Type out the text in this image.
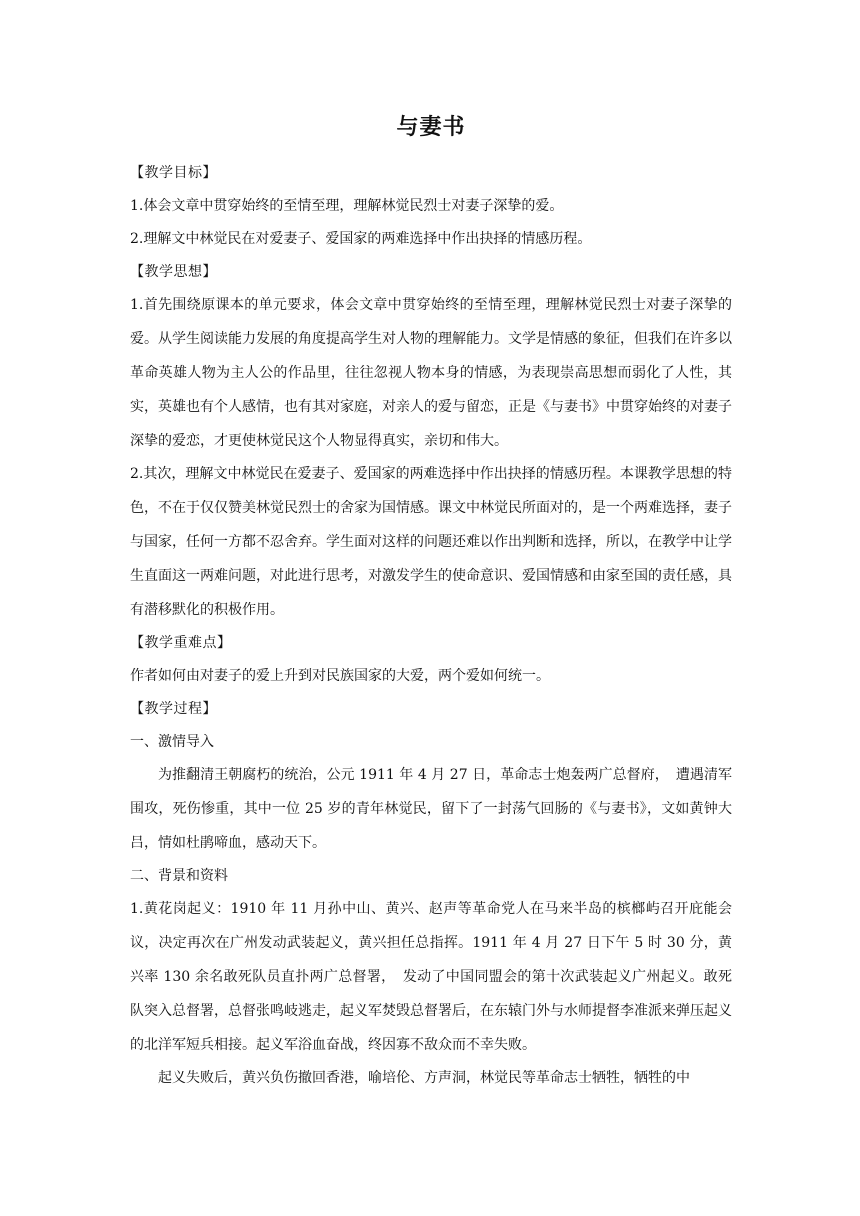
与妻书

【教学目标】

1.体会文章中贯穿始终的至情至理，理解林觉民烈士对妻子深挚的爱。

2.理解文中林觉民在对爱妻子、爱国家的两难选择中作出抉择的情感历程。

【教学思想】

1.首先围绕原课本的单元要求，体会文章中贯穿始终的至情至理，理解林觉民烈士对妻子深挚的爱。从学生阅读能力发展的角度提高学生对人物的理解能力。文学是情感的象征，但我们在许多以革命英雄人物为主人公的作品里，往往忽视人物本身的情感，为表现崇高思想而弱化了人性，其实，英雄也有个人感情，也有其对家庭，对亲人的爱与留恋，正是《与妻书》中贯穿始终的对妻子深挚的爱恋，才更使林觉民这个人物显得真实，亲切和伟大。

2.其次，理解文中林觉民在爱妻子、爱国家的两难选择中作出抉择的情感历程。本课教学思想的特色，不在于仅仅赞美林觉民烈士的舍家为国情感。课文中林觉民所面对的，是一个两难选择，妻子与国家，任何一方都不忍舍弃。学生面对这样的问题还难以作出判断和选择，所以，在教学中让学生直面这一两难问题，对此进行思考，对激发学生的使命意识、爱国情感和由家至国的责任感，具有潜移默化的积极作用。

【教学重难点】

作者如何由对妻子的爱上升到对民族国家的大爱，两个爱如何统一。

【教学过程】

一、激情导入

为推翻清王朝腐朽的统治，公元 1911 年 4 月 27 日，革命志士炮轰两广总督府，　遭遇清军围攻，死伤惨重，其中一位 25 岁的青年林觉民，留下了一封荡气回肠的《与妻书》，文如黄钟大吕，情如杜鹃啼血，感动天下。

二、背景和资料

1.黄花岗起义：1910 年 11 月孙中山、黄兴、赵声等革命党人在马来半岛的槟榔屿召开庇能会议，决定再次在广州发动武装起义，黄兴担任总指挥。1911 年 4 月 27 日下午 5 时 30 分，黄兴率 130 余名敢死队员直扑两广总督署，　发动了中国同盟会的第十次武装起义广州起义。敢死队突入总督署，总督张鸣岐逃走，起义军焚毁总督署后，在东辕门外与水师提督李准派来弹压起义的北洋军短兵相接。起义军浴血奋战，终因寡不敌众而不幸失败。

起义失败后，黄兴负伤撤回香港，喻培伦、方声洞，林觉民等革命志士牺牲，牺牲的中
